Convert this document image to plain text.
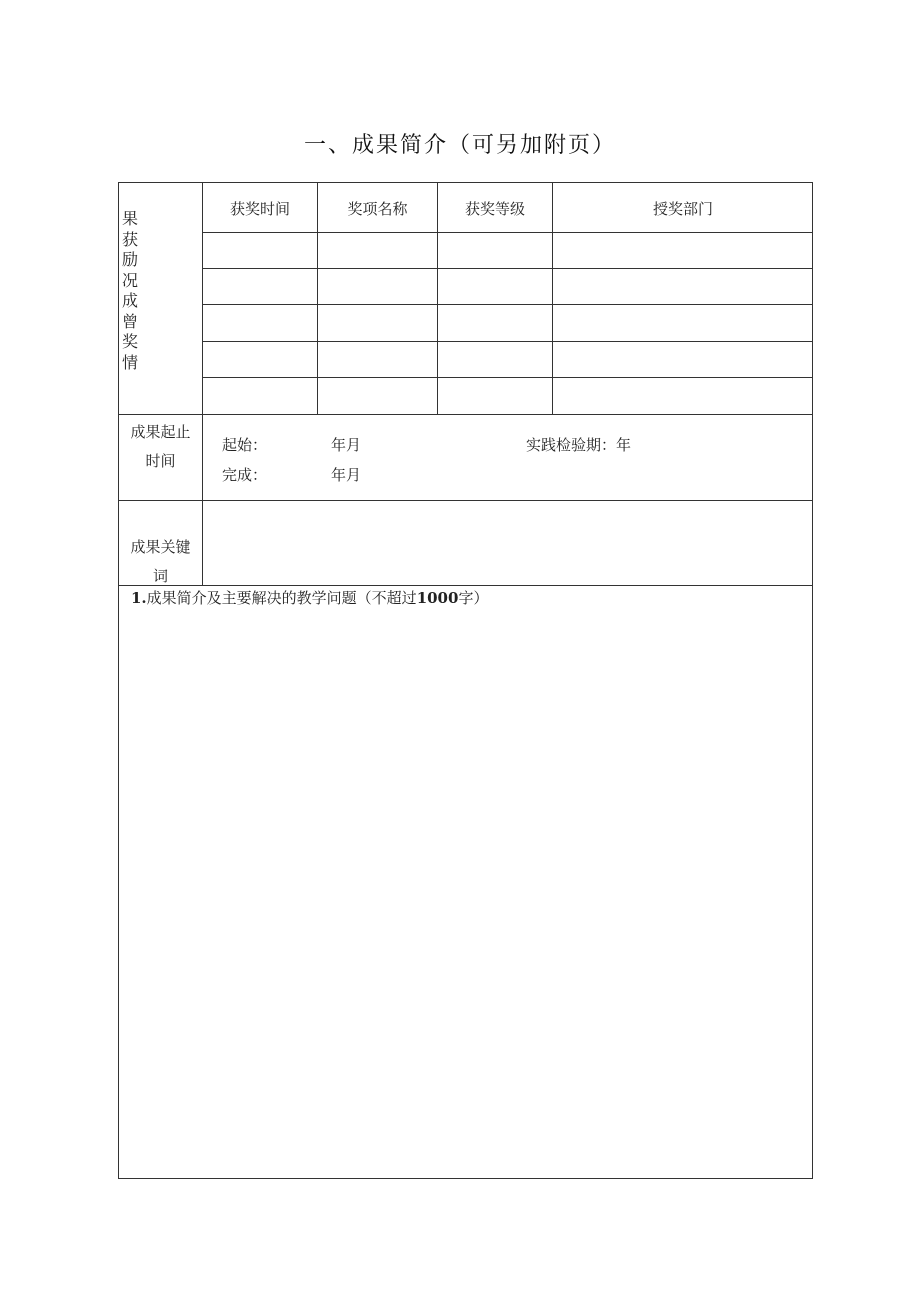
一、成果简介（可另加附页）
果获励况成曾奖情
获奖时间	奖项名称	获奖等级	授奖部门
成果起止
时间
起始：	年月	实践检验期：年
完成：	年月
成果关键
词
1.成果简介及主要解决的教学问题（不超过1000字）
